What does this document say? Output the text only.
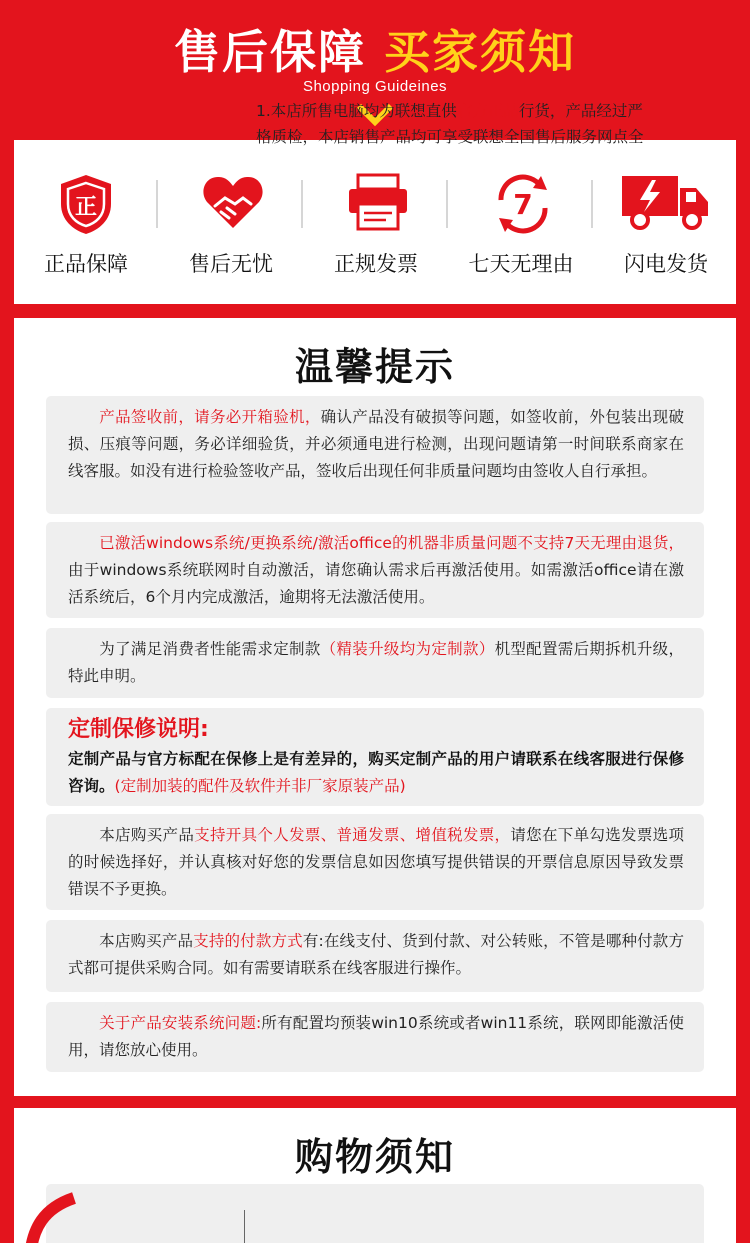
售后保障 买家须知
Shopping Guideines
正
正品保障	售后无忧	正规发票
7
七天无理由	闪电发货
温馨提示
产品签收前，请务必开箱验机，确认产品没有破损等问题，如签收前，外包装出现破损、压痕等问题，务必详细验货，并必须通电进行检测，出现问题请第一时间联系商家在线客服。如没有进行检验签收产品，签收后出现任何非质量问题均由签收人自行承担。
已激活windows系统/更换系统/激活office的机器非质量问题不支持7天无理由退货，由于windows系统联网时自动激活，请您确认需求后再激活使用。如需激活office请在激活系统后，6个月内完成激活，逾期将无法激活使用。
为了满足消费者性能需求定制款（精装升级均为定制款）机型配置需后期拆机升级，特此申明。
定制保修说明:
定制产品与官方标配在保修上是有差异的，购买定制产品的用户请联系在线客服进行保修咨询。(定制加装的配件及软件并非厂家原装产品)
本店购买产品支持开具个人发票、普通发票、增值税发票，请您在下单勾选发票选项的时候选择好，并认真核对好您的发票信息如因您填写提供错误的开票信息原因导致发票错误不予更换。
本店购买产品支持的付款方式有:在线支付、货到付款、对公转账，不管是哪种付款方式都可提供采购合同。如有需要请联系在线客服进行操作。
关于产品安装系统问题:所有配置均预装win10系统或者win11系统，联网即能激活使用，请您放心使用。
购物须知
1.本店所售电脑均为联想直供官方正品行货，产品经过严
格质检，本店销售产品均可享受联想全国售后服务网点全
